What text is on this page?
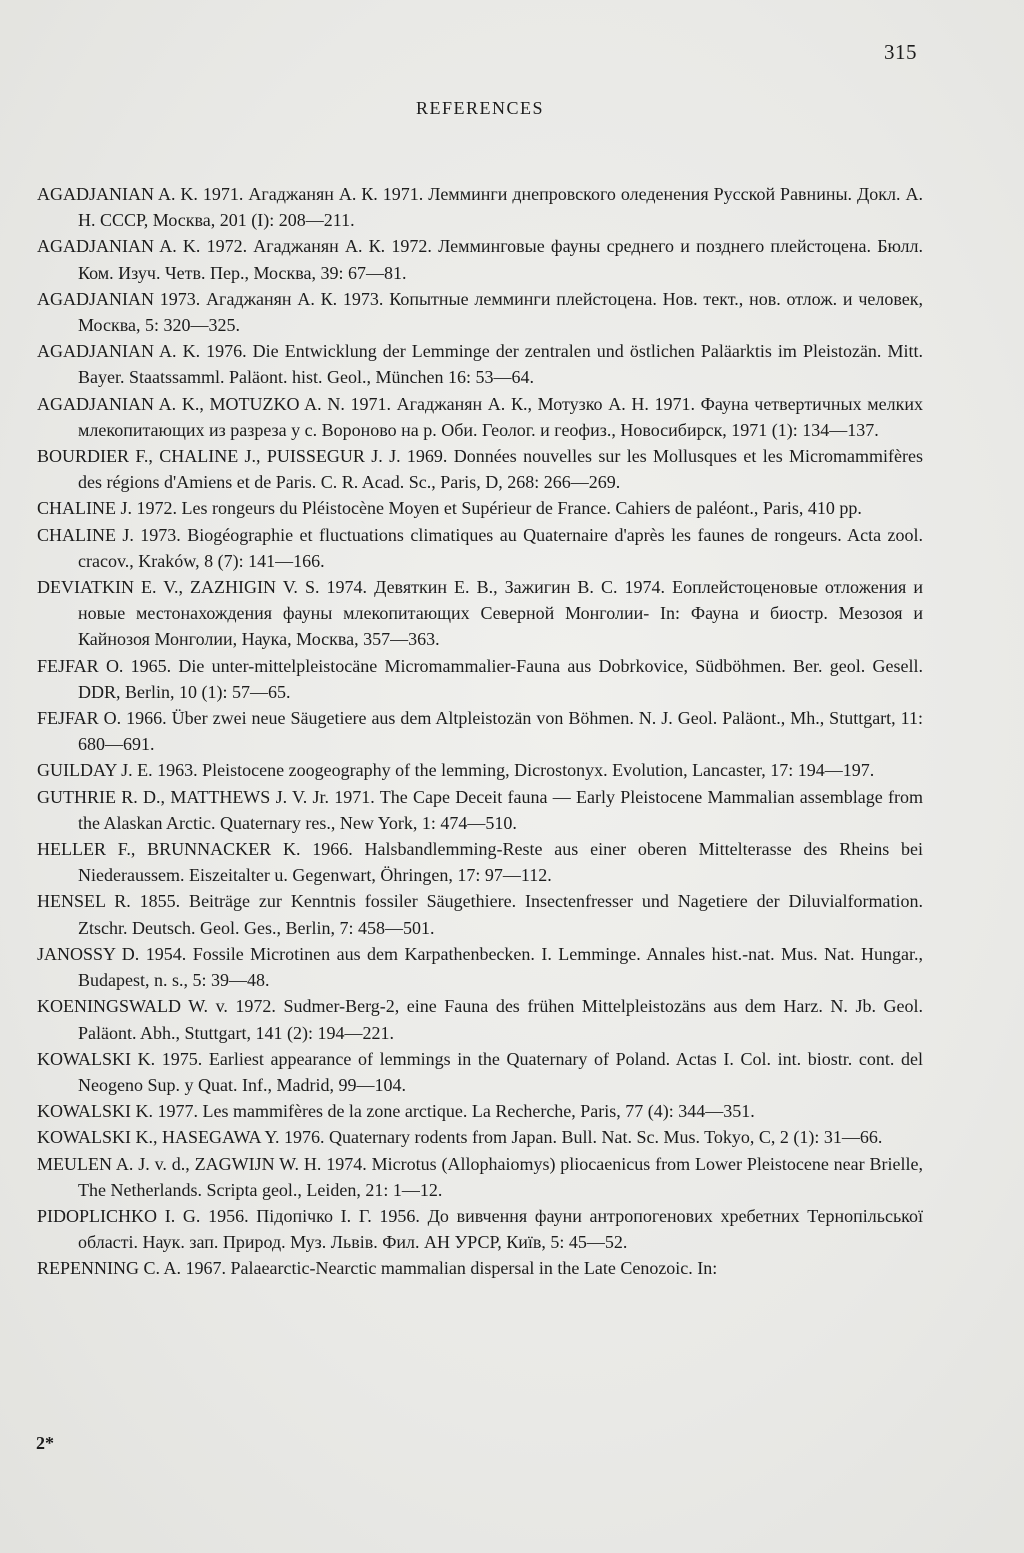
315
REFERENCES

AGADJANIAN A. K. 1971. Агаджанян А. К. 1971. Лемминги днепровского оледенения Русской Равнины. Докл. А. Н. СССР, Москва, 201 (I): 208—211.

AGADJANIAN A. K. 1972. Агаджанян А. К. 1972. Лемминговые фауны среднего и позднего плейстоцена. Бюлл. Ком. Изуч. Четв. Пер., Москва, 39: 67—81.

AGADJANIAN 1973. Агаджанян А. К. 1973. Копытные лемминги плейстоцена. Нов. тект., нов. отлож. и человек, Москва, 5: 320—325.

AGADJANIAN A. K. 1976. Die Entwicklung der Lemminge der zentralen und östlichen Paläarktis im Pleistozän. Mitt. Bayer. Staatssamml. Paläont. hist. Geol., München 16: 53—64.

AGADJANIAN A. K., MOTUZKO A. N. 1971. Агаджанян А. К., Мотузко А. Н. 1971. Фауна четвертичных мелких млекопитающих из разреза у с. Вороново на р. Оби. Геолог. и геофиз., Новосибирск, 1971 (1): 134—137.

BOURDIER F., CHALINE J., PUISSEGUR J. J. 1969. Données nouvelles sur les Mollusques et les Micromammifères des régions d'Amiens et de Paris. C. R. Acad. Sc., Paris, D, 268: 266—269.

CHALINE J. 1972. Les rongeurs du Pléistocène Moyen et Supérieur de France. Cahiers de paléont., Paris, 410 pp.

CHALINE J. 1973. Biogéographie et fluctuations climatiques au Quaternaire d'après les faunes de rongeurs. Acta zool. cracov., Kraków, 8 (7): 141—166.

DEVIATKIN E. V., ZAZHIGIN V. S. 1974. Девяткин Е. В., Зажигин В. С. 1974. Еоплейстоценовые отложения и новые местонахождения фауны млекопитающих Северной Монголии- In: Фауна и биостр. Мезозоя и Кайнозоя Монголии, Наука, Москва, 357—363.

FEJFAR O. 1965. Die unter-mittelpleistocäne Micromammalier-Fauna aus Dobrkovice, Südböhmen. Ber. geol. Gesell. DDR, Berlin, 10 (1): 57—65.

FEJFAR O. 1966. Über zwei neue Säugetiere aus dem Altpleistozän von Böhmen. N. J. Geol. Paläont., Mh., Stuttgart, 11: 680—691.

GUILDAY J. E. 1963. Pleistocene zoogeography of the lemming, Dicrostonyx. Evolution, Lancaster, 17: 194—197.

GUTHRIE R. D., MATTHEWS J. V. Jr. 1971. The Cape Deceit fauna — Early Pleistocene Mammalian assemblage from the Alaskan Arctic. Quaternary res., New York, 1: 474—510.

HELLER F., BRUNNACKER K. 1966. Halsbandlemming-Reste aus einer oberen Mittelterasse des Rheins bei Niederaussem. Eiszeitalter u. Gegenwart, Öhringen, 17: 97—112.

HENSEL R. 1855. Beiträge zur Kenntnis fossiler Säugethiere. Insectenfresser und Nagetiere der Diluvialformation. Ztschr. Deutsch. Geol. Ges., Berlin, 7: 458—501.

JANOSSY D. 1954. Fossile Microtinen aus dem Karpathenbecken. I. Lemminge. Annales hist.-nat. Mus. Nat. Hungar., Budapest, n. s., 5: 39—48.

KOENINGSWALD W. v. 1972. Sudmer-Berg-2, eine Fauna des frühen Mittelpleistozäns aus dem Harz. N. Jb. Geol. Paläont. Abh., Stuttgart, 141 (2): 194—221.

KOWALSKI K. 1975. Earliest appearance of lemmings in the Quaternary of Poland. Actas I. Col. int. biostr. cont. del Neogeno Sup. y Quat. Inf., Madrid, 99—104.

KOWALSKI K. 1977. Les mammifères de la zone arctique. La Recherche, Paris, 77 (4): 344—351.

KOWALSKI K., HASEGAWA Y. 1976. Quaternary rodents from Japan. Bull. Nat. Sc. Mus. Tokyo, C, 2 (1): 31—66.

MEULEN A. J. v. d., ZAGWIJN W. H. 1974. Microtus (Allophaiomys) pliocaenicus from Lower Pleistocene near Brielle, The Netherlands. Scripta geol., Leiden, 21: 1—12.

PIDOPLICHKO I. G. 1956. Підопічко І. Г. 1956. До вивчення фауни антропогенових хребетних Тернопільської області. Наук. зап. Природ. Муз. Львів. Фил. АН УРСР, Київ, 5: 45—52.

REPENNING C. A. 1967. Palaearctic-Nearctic mammalian dispersal in the Late Cenozoic. In:

2*
